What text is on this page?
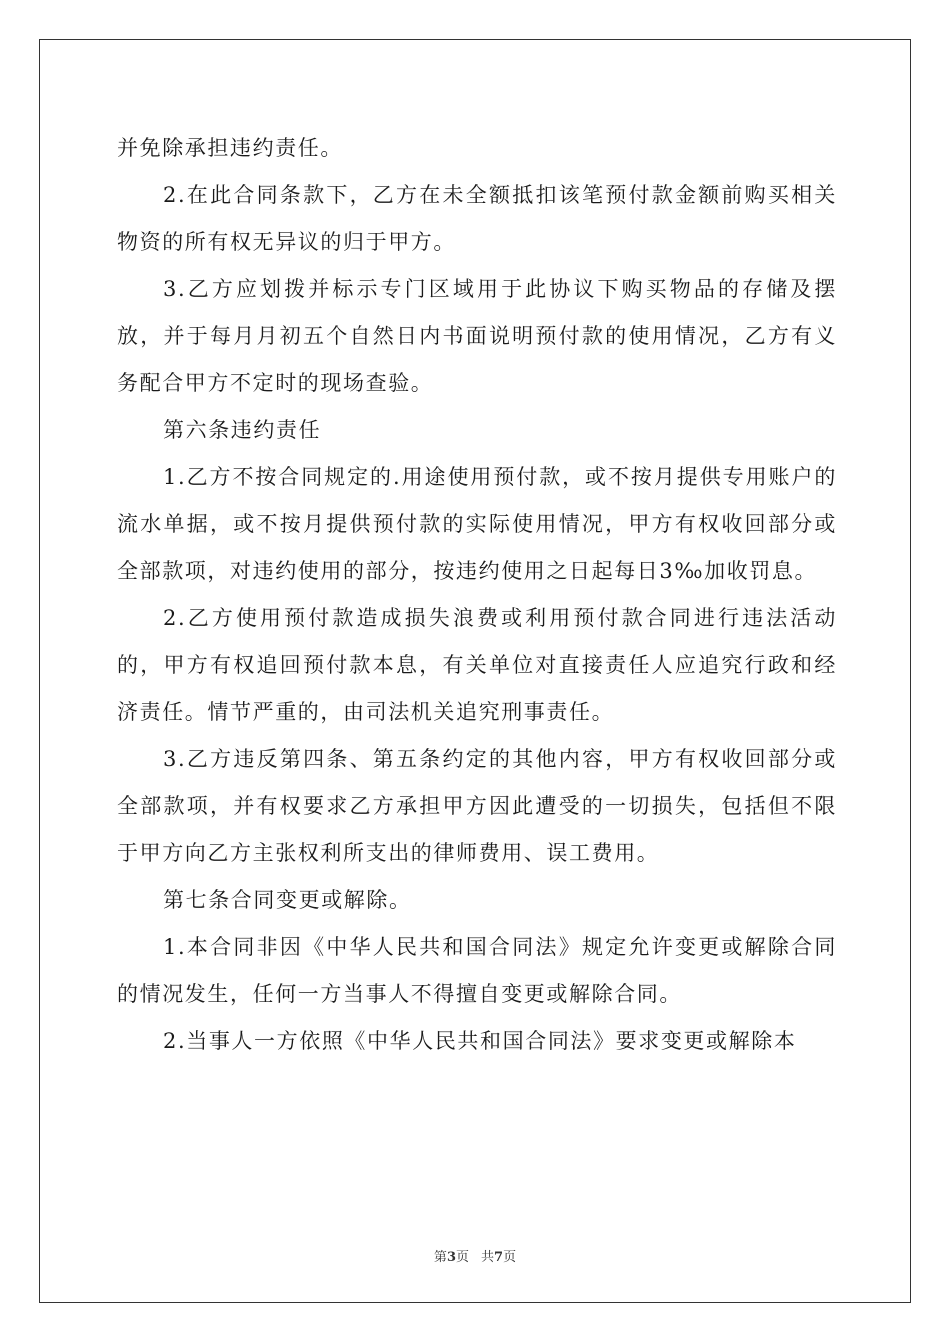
并免除承担违约责任。

2.在此合同条款下，乙方在未全额抵扣该笔预付款金额前购买相关物资的所有权无异议的归于甲方。

3.乙方应划拨并标示专门区域用于此协议下购买物品的存储及摆放，并于每月月初五个自然日内书面说明预付款的使用情况，乙方有义务配合甲方不定时的现场查验。

第六条违约责任

1.乙方不按合同规定的.用途使用预付款，或不按月提供专用账户的流水单据，或不按月提供预付款的实际使用情况，甲方有权收回部分或全部款项，对违约使用的部分，按违约使用之日起每日3‰加收罚息。

2.乙方使用预付款造成损失浪费或利用预付款合同进行违法活动的，甲方有权追回预付款本息，有关单位对直接责任人应追究行政和经济责任。情节严重的，由司法机关追究刑事责任。

3.乙方违反第四条、第五条约定的其他内容，甲方有权收回部分或全部款项，并有权要求乙方承担甲方因此遭受的一切损失，包括但不限于甲方向乙方主张权利所支出的律师费用、误工费用。

第七条合同变更或解除。

1.本合同非因《中华人民共和国合同法》规定允许变更或解除合同的情况发生，任何一方当事人不得擅自变更或解除合同。

2.当事人一方依照《中华人民共和国合同法》要求变更或解除本

第3页 共7页
